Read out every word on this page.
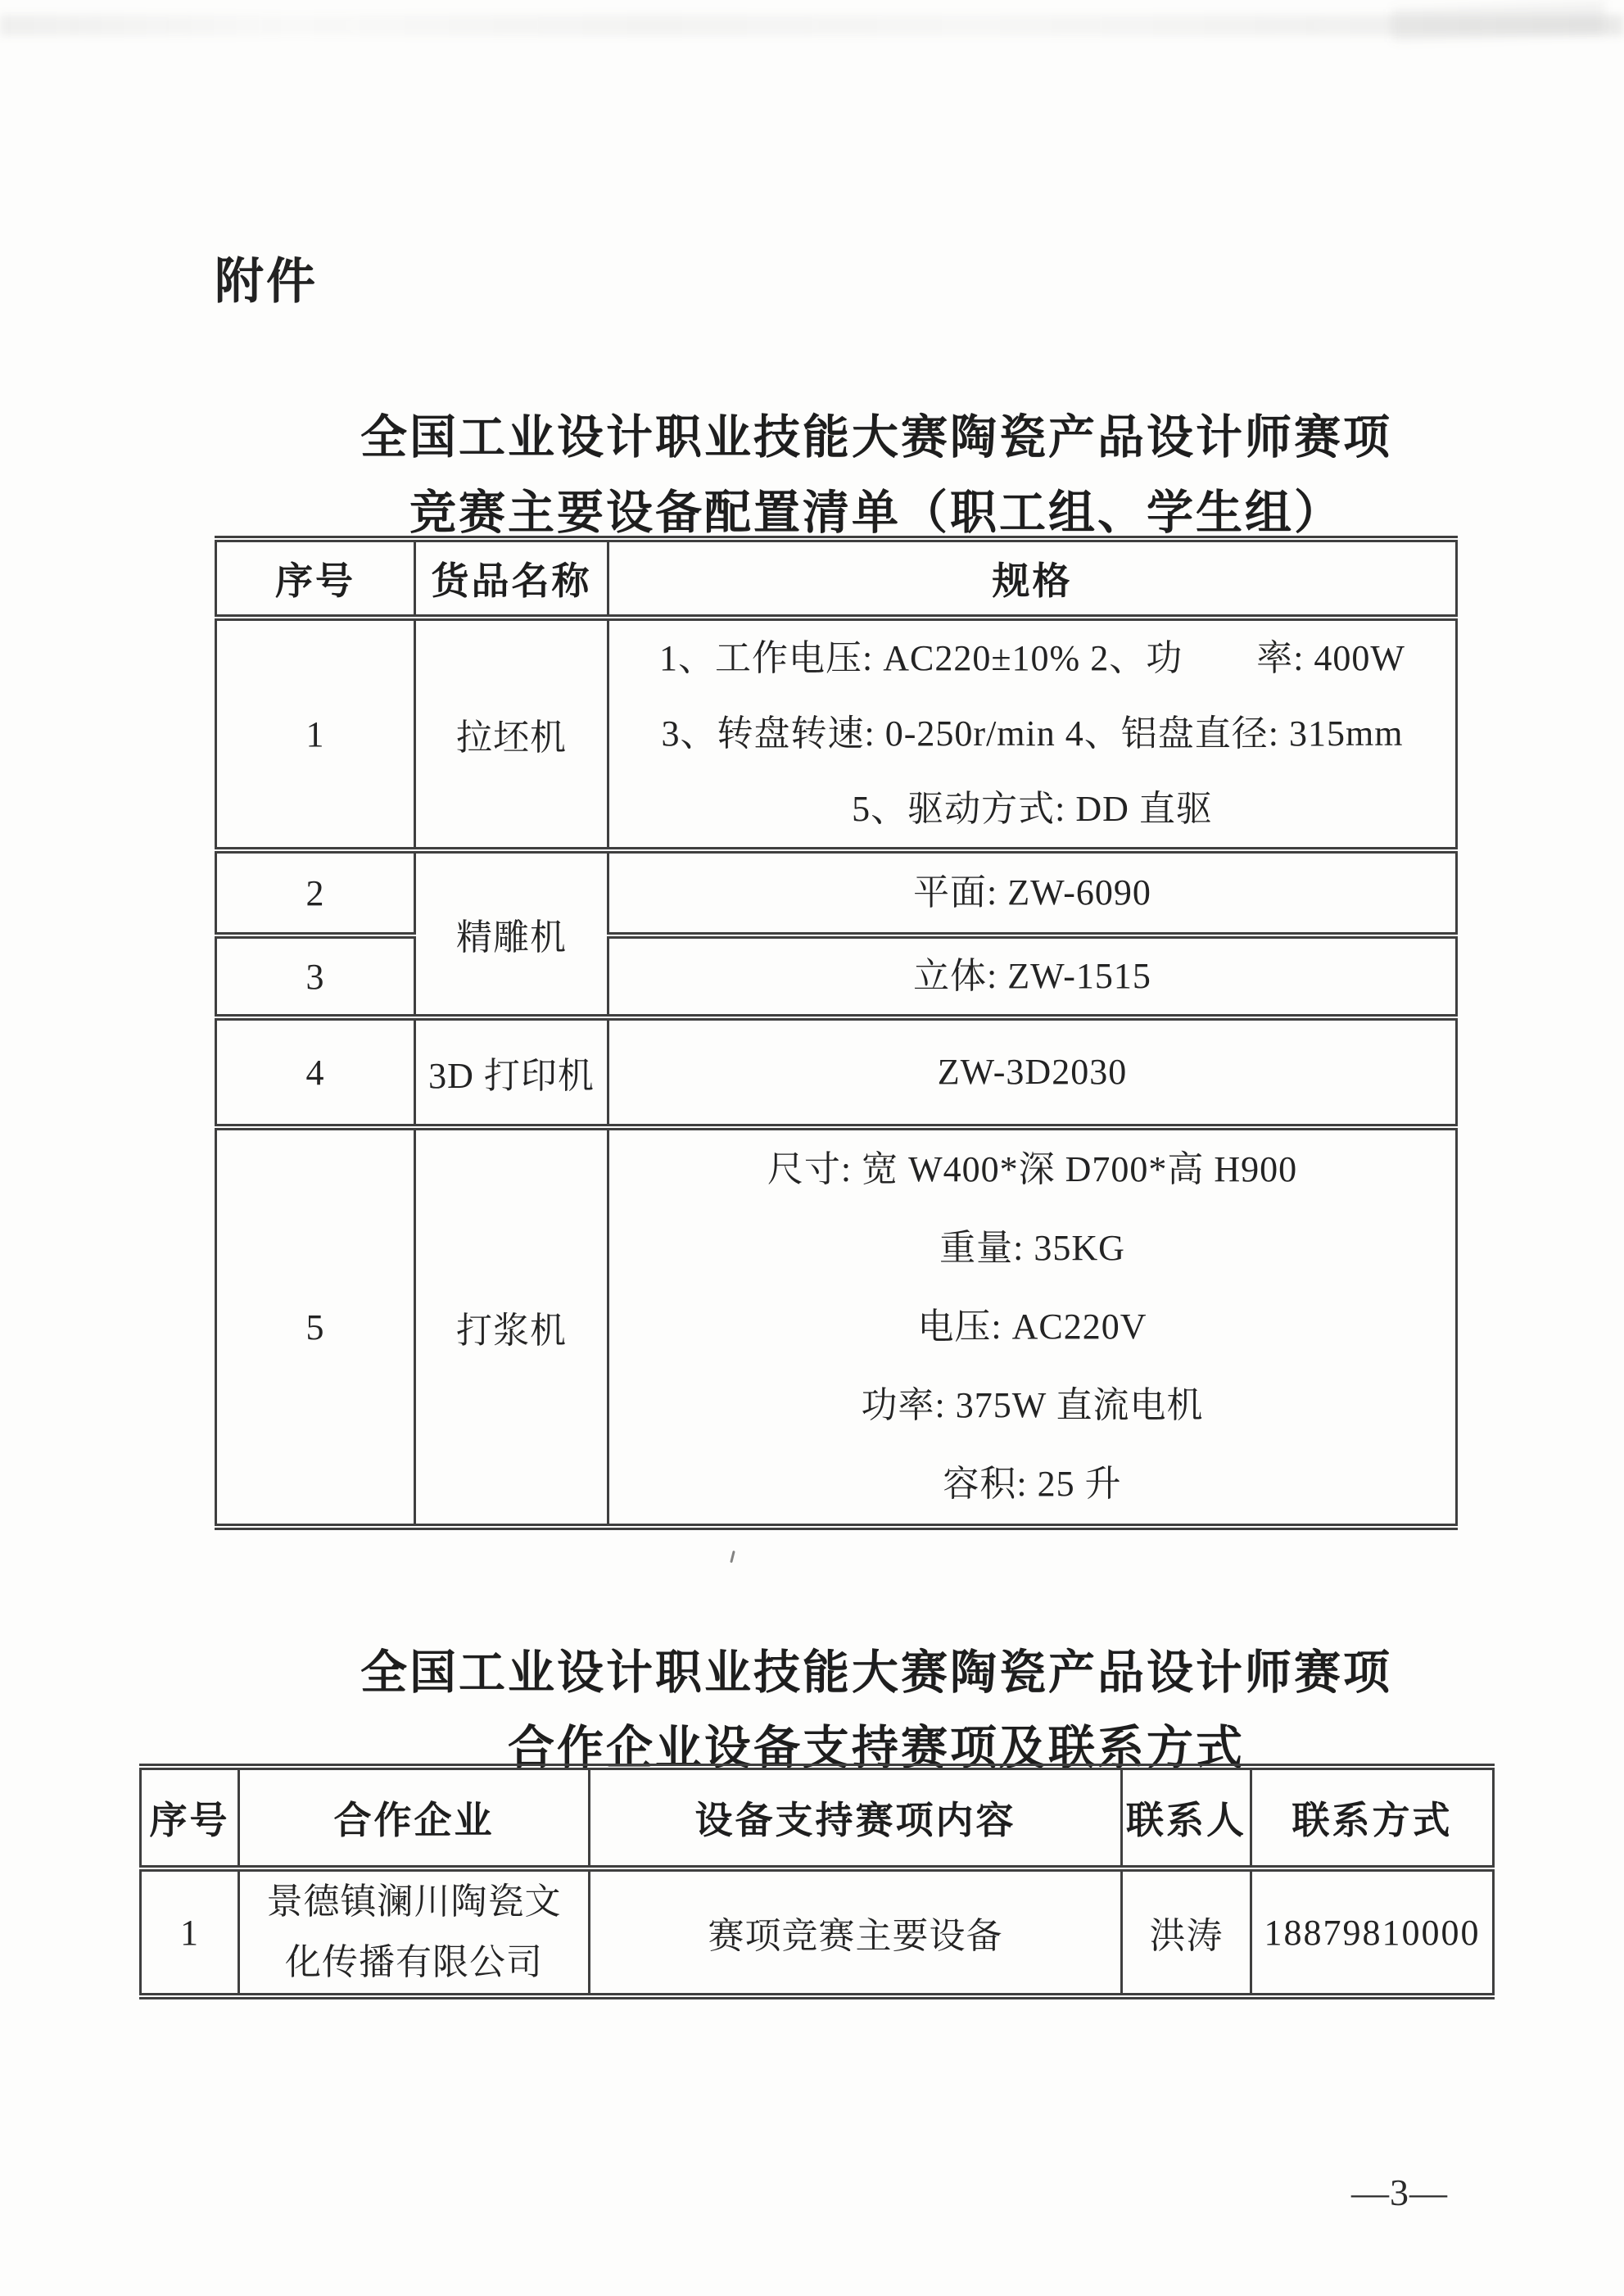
附件
全国工业设计职业技能大赛陶瓷产品设计师赛项
竞赛主要设备配置清单（职工组、学生组）
序号	货品名称	规格
1	拉坯机	1、工作电压: AC220±10% 2、功　　率: 400W
3、转盘转速: 0-250r/min 4、铝盘直径: 315mm
5、驱动方式: DD 直驱

2	精雕机	平面: ZW-6090

3		立体: ZW-1515

4	3D 打印机	ZW-3D2030

5	打浆机	尺寸: 宽 W400*深 D700*高 H900
重量: 35KG
电压: AC220V
功率: 375W 直流电机
容积: 25 升
全国工业设计职业技能大赛陶瓷产品设计师赛项
合作企业设备支持赛项及联系方式
序号	合作企业	设备支持赛项内容	联系人	联系方式
1	景德镇澜川陶瓷文化传播有限公司	赛项竞赛主要设备	洪涛	18879810000
—3—
